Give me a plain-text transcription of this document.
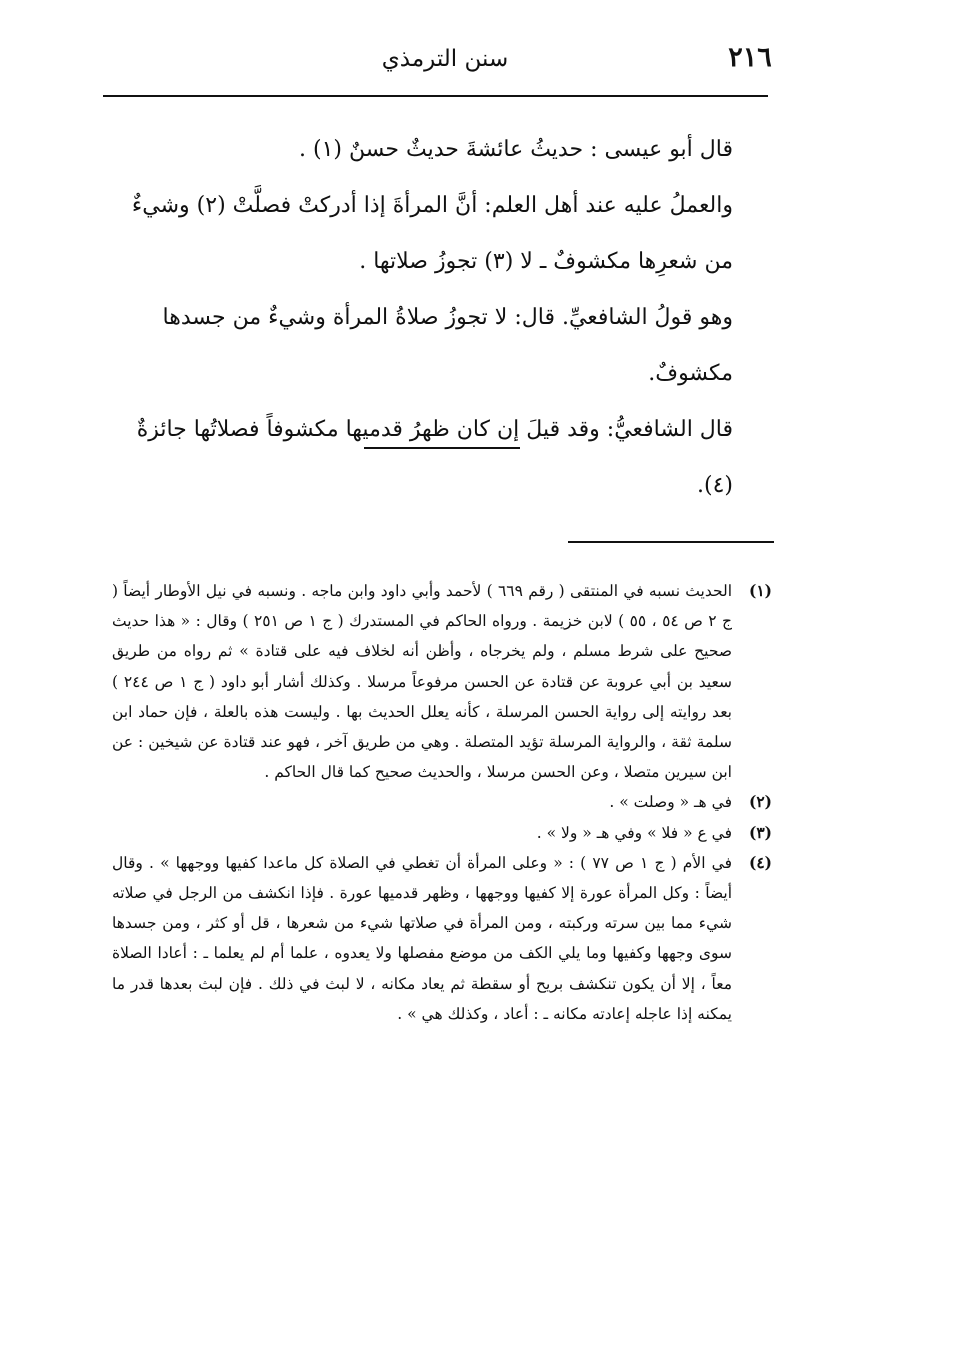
٢١٦
سنن الترمذي

قال أبو عيسى : حديثُ عائشةَ حديثٌ حسنٌ (١) .

والعملُ عليه عند أهل العلم: أنَّ المرأةَ إذا أدركتْ فصلَّتْ (٢) وشيءٌ من شعرِها مكشوفٌ ـ لا (٣) تجوزُ صلاتها .

وهو قولُ الشافعيِّ. قال: لا تجوزُ صلاةُ المرأة وشيءٌ من جسدها مكشوفٌ.

قال الشافعيُّ: وقد قيلَ إن كان ظهرُ قدميها مكشوفاً فصلاتُها جائزةٌ (٤).

(١)
الحديث نسبه في المنتقى ( رقم ٦٦٩ ) لأحمد وأبي داود وابن ماجه . ونسبه في نيل الأوطار أيضاً ( ج ٢ ص ٥٤ ، ٥٥ ) لابن خزيمة . ورواه الحاكم في المستدرك ( ج ١ ص ٢٥١ ) وقال : « هذا حديث صحيح على شرط مسلم ، ولم يخرجاه ، وأظن أنه لخلاف فيه على قتادة » ثم رواه من طريق سعيد بن أبي عروبة عن قتادة عن الحسن مرفوعاً مرسلا . وكذلك أشار أبو داود ( ج ١ ص ٢٤٤ ) بعد روايته إلى رواية الحسن المرسلة ، كأنه يعلل الحديث بها . وليست هذه بالعلة ، فإن حماد ابن سلمة ثقة ، والرواية المرسلة تؤيد المتصلة . وهي من طريق آخر ، فهو عند قتادة عن شيخين : عن ابن سيرين متصلا ، وعن الحسن مرسلا ، والحديث صحيح كما قال الحاكم .

(٢)
في هـ « وصلت » .

(٣)
في ع « فلا » وفي هـ « ولا » .

(٤)
في الأم ( ج ١ ص ٧٧ ) : « وعلى المرأة أن تغطي في الصلاة كل ماعدا كفيها ووجهها » . وقال أيضاً : وكل المرأة عورة إلا كفيها ووجهها ، وظهر قدميها عورة . فإذا انكشف من الرجل في صلاته شيء مما بين سرته وركبته ، ومن المرأة في صلاتها شيء من شعرها ، قل أو كثر ، ومن جسدها سوى وجهها وكفيها وما يلي الكف من موضع مفصلها ولا يعدوه ، علما أم لم يعلما ـ : أعادا الصلاة معاً ، إلا أن يكون تنكشف بريح أو سقطة ثم يعاد مكانه ، لا لبث في ذلك . فإن لبث بعدها قدر ما يمكنه إذا عاجله إعادته مكانه ـ : أعاد ، وكذلك هي » .
